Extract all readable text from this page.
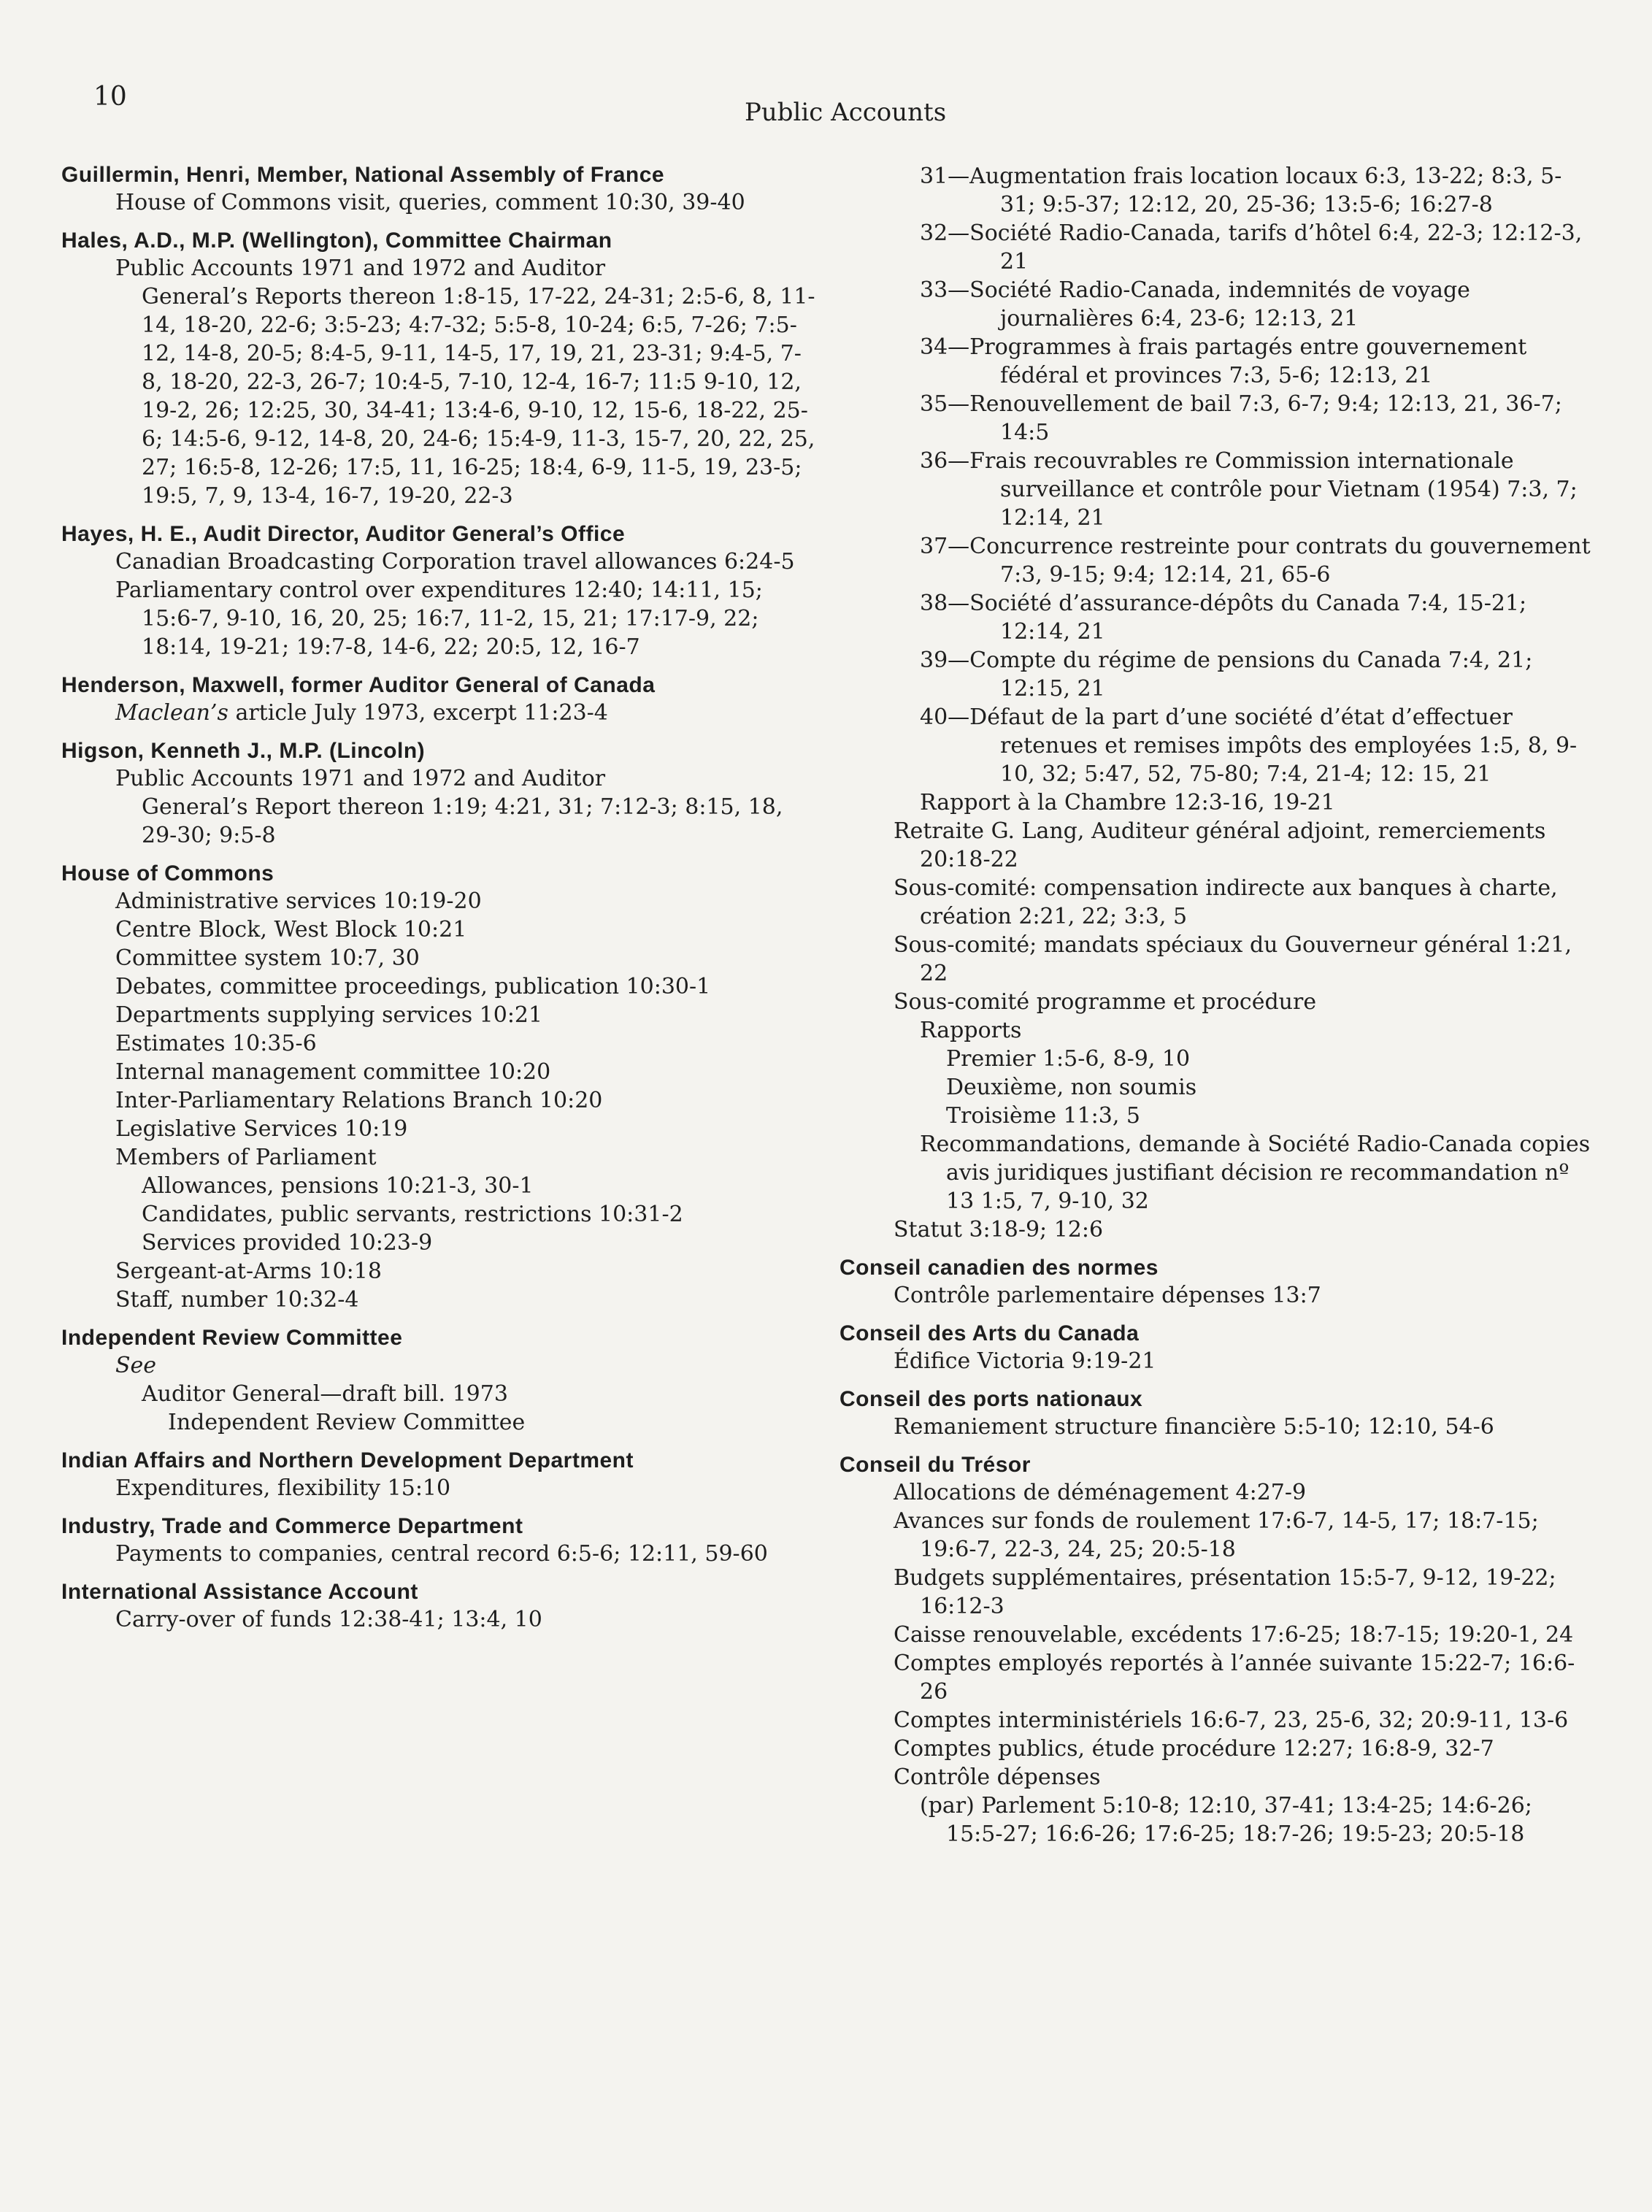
10
Public Accounts
Guillermin, Henri, Member, National Assembly of France
House of Commons visit, queries, comment 10:30, 39-40
Hales, A.D., M.P. (Wellington), Committee Chairman
Public Accounts 1971 and 1972 and Auditor
General’s Reports thereon 1:8-15, 17-22, 24-31; 2:5-6, 8, 11-14, 18-20, 22-6; 3:5-23; 4:7-32; 5:5-8, 10-24; 6:5, 7-26; 7:5-12, 14-8, 20-5; 8:4-5, 9-11, 14-5, 17, 19, 21, 23-31; 9:4-5, 7-8, 18-20, 22-3, 26-7; 10:4-5, 7-10, 12-4, 16-7; 11:5 9-10, 12, 19-2, 26; 12:25, 30, 34-41; 13:4-6, 9-10, 12, 15-6, 18-22, 25-6; 14:5-6, 9-12, 14-8, 20, 24-6; 15:4-9, 11-3, 15-7, 20, 22, 25, 27; 16:5-8, 12-26; 17:5, 11, 16-25; 18:4, 6-9, 11-5, 19, 23-5; 19:5, 7, 9, 13-4, 16-7, 19-20, 22-3
Hayes, H. E., Audit Director, Auditor General’s Office
Canadian Broadcasting Corporation travel allowances 6:24-5
Parliamentary control over expenditures 12:40; 14:11, 15; 15:6-7, 9-10, 16, 20, 25; 16:7, 11-2, 15, 21; 17:17-9, 22; 18:14, 19-21; 19:7-8, 14-6, 22; 20:5, 12, 16-7
Henderson, Maxwell, former Auditor General of Canada
Maclean’s article July 1973, excerpt 11:23-4
Higson, Kenneth J., M.P. (Lincoln)
Public Accounts 1971 and 1972 and Auditor
General’s Report thereon 1:19; 4:21, 31; 7:12-3; 8:15, 18, 29-30; 9:5-8
House of Commons
Administrative services 10:19-20
Centre Block, West Block 10:21
Committee system 10:7, 30
Debates, committee proceedings, publication 10:30-1
Departments supplying services 10:21
Estimates 10:35-6
Internal management committee 10:20
Inter-Parliamentary Relations Branch 10:20
Legislative Services 10:19
Members of Parliament
Allowances, pensions 10:21-3, 30-1
Candidates, public servants, restrictions 10:31-2
Services provided 10:23-9
Sergeant-at-Arms 10:18
Staff, number 10:32-4
Independent Review Committee
See
Auditor General—draft bill. 1973
Independent Review Committee
Indian Affairs and Northern Development Department
Expenditures, flexibility 15:10
Industry, Trade and Commerce Department
Payments to companies, central record 6:5-6; 12:11, 59-60
International Assistance Account
Carry-over of funds 12:38-41; 13:4, 10
31—Augmentation frais location locaux 6:3, 13-22; 8:3, 5-31; 9:5-37; 12:12, 20, 25-36; 13:5-6; 16:27-8
32—Société Radio-Canada, tarifs d’hôtel 6:4, 22-3; 12:12-3, 21
33—Société Radio-Canada, indemnités de voyage journalières 6:4, 23-6; 12:13, 21
34—Programmes à frais partagés entre gouvernement fédéral et provinces 7:3, 5-6; 12:13, 21
35—Renouvellement de bail 7:3, 6-7; 9:4; 12:13, 21, 36-7; 14:5
36—Frais recouvrables re Commission internationale surveillance et contrôle pour Vietnam (1954) 7:3, 7; 12:14, 21
37—Concurrence restreinte pour contrats du gouvernement 7:3, 9-15; 9:4; 12:14, 21, 65-6
38—Société d’assurance-dépôts du Canada 7:4, 15-21; 12:14, 21
39—Compte du régime de pensions du Canada 7:4, 21; 12:15, 21
40—Défaut de la part d’une société d’état d’effectuer retenues et remises impôts des employées 1:5, 8, 9-10, 32; 5:47, 52, 75-80; 7:4, 21-4; 12: 15, 21
Rapport à la Chambre 12:3-16, 19-21
Retraite G. Lang, Auditeur général adjoint, remerciements 20:18-22
Sous-comité: compensation indirecte aux banques à charte, création 2:21, 22; 3:3, 5
Sous-comité; mandats spéciaux du Gouverneur général 1:21, 22
Sous-comité programme et procédure
Rapports
Premier 1:5-6, 8-9, 10
Deuxième, non soumis
Troisième 11:3, 5
Recommandations, demande à Société Radio-Canada copies avis juridiques justifiant décision re recommandation nº 13 1:5, 7, 9-10, 32
Statut 3:18-9; 12:6
Conseil canadien des normes
Contrôle parlementaire dépenses 13:7
Conseil des Arts du Canada
Édifice Victoria 9:19-21
Conseil des ports nationaux
Remaniement structure financière 5:5-10; 12:10, 54-6
Conseil du Trésor
Allocations de déménagement 4:27-9
Avances sur fonds de roulement 17:6-7, 14-5, 17; 18:7-15; 19:6-7, 22-3, 24, 25; 20:5-18
Budgets supplémentaires, présentation 15:5-7, 9-12, 19-22; 16:12-3
Caisse renouvelable, excédents 17:6-25; 18:7-15; 19:20-1, 24
Comptes employés reportés à l’année suivante 15:22-7; 16:6-26
Comptes interministériels 16:6-7, 23, 25-6, 32; 20:9-11, 13-6
Comptes publics, étude procédure 12:27; 16:8-9, 32-7
Contrôle dépenses
(par) Parlement 5:10-8; 12:10, 37-41; 13:4-25; 14:6-26; 15:5-27; 16:6-26; 17:6-25; 18:7-26; 19:5-23; 20:5-18
